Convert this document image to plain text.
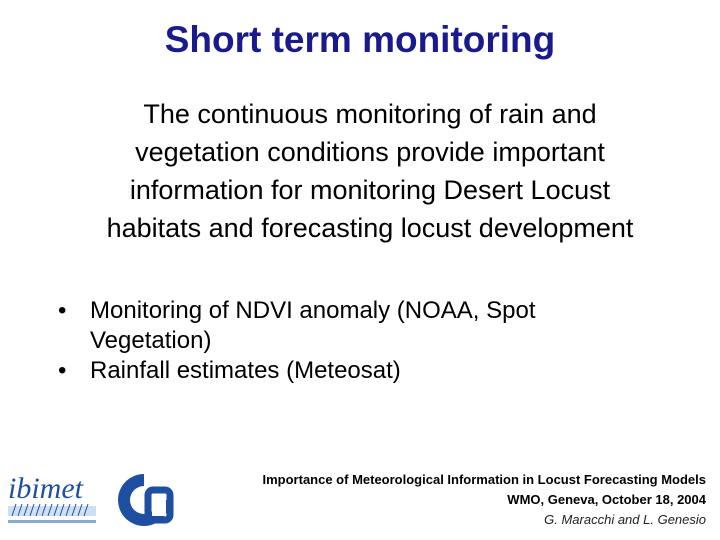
Short term monitoring
The continuous monitoring of rain and
vegetation conditions provide important
information for monitoring Desert Locust
habitats and forecasting locust development
• Monitoring of NDVI anomaly (NOAA, Spot
Vegetation)
• Rainfall estimates (Meteosat)
ibimet	Importance of Meteorological Information in Locust Forecasting Models
WMO, Geneva, October 18, 2004
G. Maracchi and L. Genesio
